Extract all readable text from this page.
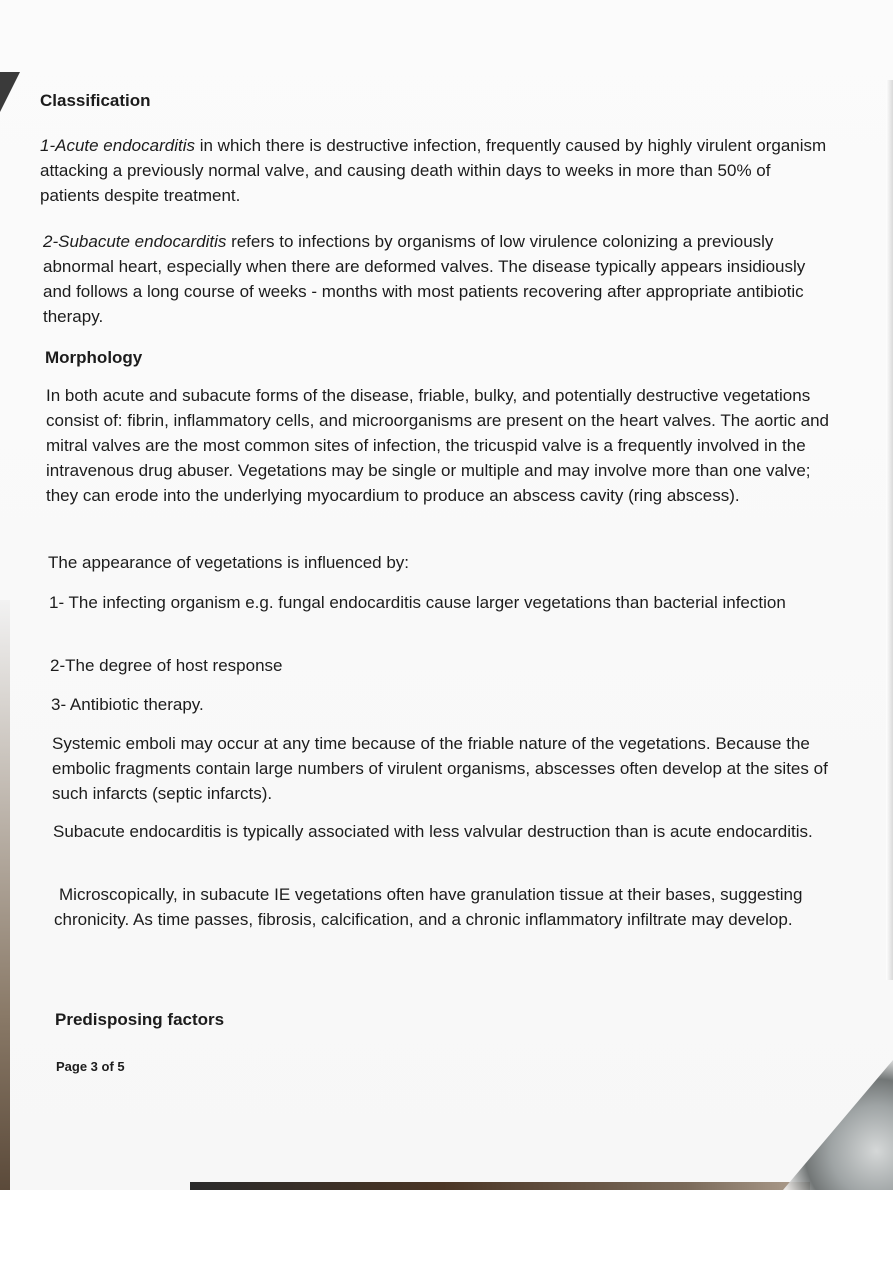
Classification

1-Acute endocarditis in which there is destructive infection, frequently caused by highly virulent organism attacking a previously normal valve, and causing death within days to weeks in more than 50% of patients despite treatment.

2-Subacute endocarditis refers to infections by organisms of low virulence colonizing a previously abnormal heart, especially when there are deformed valves. The disease typically appears insidiously and follows a long course of weeks - months with most patients recovering after appropriate antibiotic therapy.

Morphology

In both acute and subacute forms of the disease, friable, bulky, and potentially destructive vegetations consist of: fibrin, inflammatory cells, and microorganisms are present on the heart valves. The aortic and mitral valves are the most common sites of infection, the tricuspid valve is a frequently involved in the intravenous drug abuser. Vegetations may be single or multiple and may involve more than one valve; they can erode into the underlying myocardium to produce an abscess cavity (ring abscess).

The appearance of vegetations is influenced by:

1- The infecting organism e.g. fungal endocarditis cause larger vegetations than bacterial infection

2-The degree of host response

3- Antibiotic therapy.

Systemic emboli may occur at any time because of the friable nature of the vegetations. Because the embolic fragments contain large numbers of virulent organisms, abscesses often develop at the sites of such infarcts (septic infarcts).

Subacute endocarditis is typically associated with less valvular destruction than is acute endocarditis.

Microscopically, in subacute IE vegetations often have granulation tissue at their bases, suggesting chronicity. As time passes, fibrosis, calcification, and a chronic inflammatory infiltrate may develop.

Predisposing factors

Page 3 of 5
